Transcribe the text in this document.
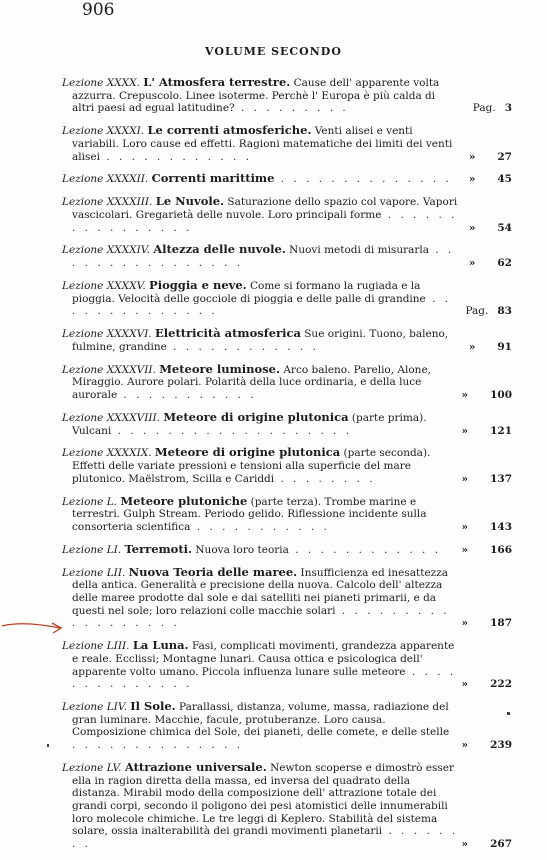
906
VOLUME SECONDO
Lezione XXXX. L' Atmosfera terrestre. Cause dell' apparente volta azzurra. Crepuscolo. Linee isoterme. Perchè l' Europa è più calda di altri paesi ad egual latitudine? . . . . . . . . .	Pag. 3
Lezione XXXXI. Le correnti atmosferiche. Venti alisei e venti variabili. Loro cause ed effetti. Ragioni matematiche dei limiti dei venti alisei . . . . . . . . . . . .	» 27
Lezione XXXXII. Correnti marittime . . . . . . . . . . . . . .	» 45
Lezione XXXXIII. Le Nuvole. Saturazione dello spazio col vapore. Vapori vascicolari. Gregarietà delle nuvole. Loro principali forme . . . . . . . . . . . . . . . .	» 54
Lezione XXXXIV. Altezza delle nuvole. Nuovi metodi di misurarla . . . . . . . . . . . . . . . .	» 62
Lezione XXXXV. Pioggia e neve. Come si formano la rugiada e la pioggia. Velocità delle gocciole di pioggia e delle palle di grandine . . . . . . . . . . . . . .	Pag. 83
Lezione XXXXVI. Elettricità atmosferica Sue origini. Tuono, baleno, fulmine, grandine . . . . . . . . . . . .	» 91
Lezione XXXXVII. Meteore luminose. Arco baleno. Parelio, Alone, Miraggio. Aurore polari. Polarità della luce ordinaria, e della luce aurorale . . . . . . . . . . .	» 100
Lezione XXXXVIII. Meteore di origine plutonica (parte prima). Vulcani . . . . . . . . . . . . . . . . . . .	» 121
Lezione XXXXIX. Meteore di origine plutonica (parte seconda). Effetti delle variate pressioni e tensioni alla superficie del mare plutonico. Maëlstrom, Scilla e Cariddi . . . . . . . .	» 137
Lezione L. Meteore plutoniche (parte terza). Trombe marine e terrestri. Gulph Stream. Periodo gelido. Riflessione incidente sulla consorteria scientifica . . . . . . . . . . .	» 143
Lezione LI. Terremoti. Nuova loro teoria . . . . . . . . . . . .	» 166
Lezione LII. Nuova Teoria delle maree. Insufficienza ed inesattezza della antica. Generalità e precisione della nuova. Calcolo dell' altezza delle maree prodotte dal sole e dai satelliti nei pianeti primarii, e da questi nel sole; loro relazioni colle macchie solari . . . . . . . . . . . . . . . . . .	» 187
Lezione LIII. La Luna. Fasi, complicati movimenti, grandezza apparente e reale. Ecclissi; Montagne lunari. Causa ottica e psicologica dell' apparente volto umano. Piccola influenza lunare sulle meteore . . . . . . . . . . . . . .	» 222
Lezione LIV. Il Sole. Parallassi, distanza, volume, massa, radiazione del gran luminare. Macchie, facule, protuberanze. Loro causa. Composizione chimica del Sole, dei pianeti, delle comete, e delle stelle . . . . . . . . . . . . . .	» 239
Lezione LV. Attrazione universale. Newton scoperse e dimostrò esser ella in ragion diretta della massa, ed inversa del quadrato della distanza. Mirabil modo della composizione dell' attrazione totale dei grandi corpi, secondo il poligono dei pesi atomistici delle innumerabili loro molecole chimiche. Le tre leggi di Keplero. Stabilità del sistema solare, ossia inalterabilità dei grandi movimenti planetarii . . . . . . . .	» 267
